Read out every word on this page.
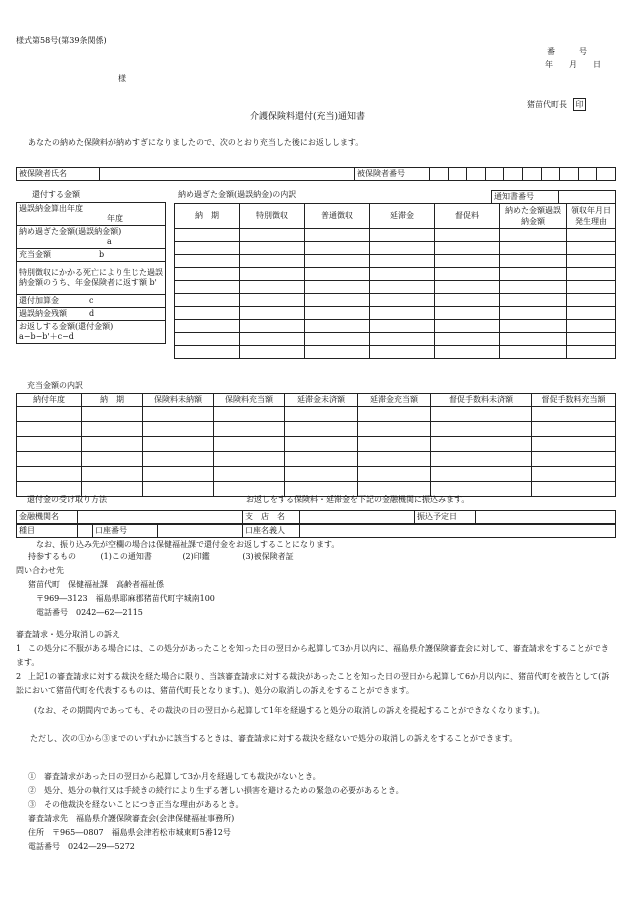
様式第58号(第39条関係)
番　　　号
年　　月　　日
様
猪苗代町長 印
介護保険料還付(充当)通知書
あなたの納めた保険料が納めすぎになりましたので、次のとおり充当した後にお返しします。
被保険者氏名		被保険者番号										
還付する金額	納め過ぎた金額(過誤納金)の内訳
過誤納金算出年度
年度
納め過ぎた金額(過誤納金額)
a
充当金額	b
特別徴収にかかる死亡により生じた過誤納金額のうち、年金保険者に返す額 b'
還付加算金	c
過誤納金残額	d
お返しする金額(還付金額)
a−b−b'＋c−d
通知書番号	
納　期	特別徴収	普通徴収	延滞金	督促料	納めた金額過誤納金額	領収年月日発生理由

充当金額の内訳
納付年度	納　期	保険料未納額	保険料充当額	延滞金未済額	延滞金充当額	督促手数料未済額	督促手数料充当額

還付金の受け取り方法	お返しをする保険料・延滞金を下記の金融機関に振込みます。
金融機関名		支　店　名		振込予定日	
種目		口座番号		口座名義人	
なお、振り込み先が空欄の場合は保健福祉課で還付金をお返しすることになります。
持参するもの	(1)この通知書	(2)印鑑	(3)被保険者証
問い合わせ先
猪苗代町　保健福祉課　高齢者福祉係
〒969―3123　福島県耶麻郡猪苗代町字城南100
電話番号　0242―62―2115
審査請求・処分取消しの訴え
1 この処分に不服がある場合には、この処分があったことを知った日の翌日から起算して3か月以内に、福島県介護保険審査会に対して、審査請求をすることができます。
2 上記1の審査請求に対する裁決を経た場合に限り、当該審査請求に対する裁決があったことを知った日の翌日から起算して6か月以内に、猪苗代町を被告として(訴訟において猪苗代町を代表するものは、猪苗代町長となります。)、処分の取消しの訴えをすることができます。
(なお、その期間内であっても、その裁決の日の翌日から起算して1年を経過すると処分の取消しの訴えを提起することができなくなります。)。
ただし、次の①から③までのいずれかに該当するときは、審査請求に対する裁決を経ないで処分の取消しの訴えをすることができます。
①　審査請求があった日の翌日から起算して3か月を経過しても裁決がないとき。
②　処分、処分の執行又は手続きの続行により生ずる著しい損害を避けるための緊急の必要があるとき。
③　その他裁決を経ないことにつき正当な理由があるとき。
審査請求先　福島県介護保険審査会(会津保健福祉事務所)
住所　〒965―0807　福島県会津若松市城東町5番12号
電話番号　0242―29―5272
